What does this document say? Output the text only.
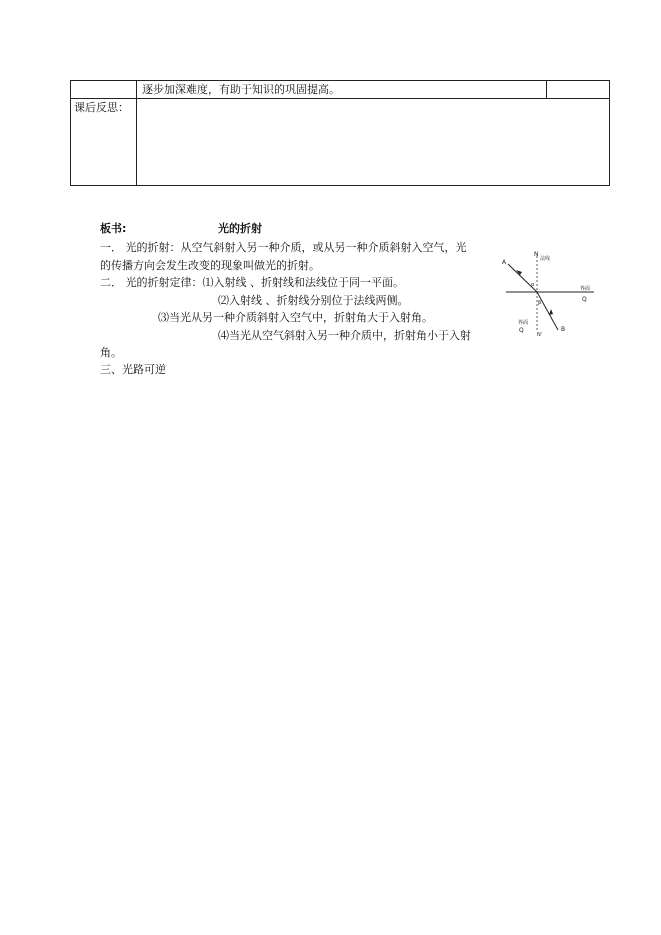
逐步加深难度，有助于知识的巩固提高。
课后反思：
板书:	光的折射
一． 光的折射：从空气斜射入另一种介质，或从另一种介质斜射入空气，光
的传播方向会发生改变的现象叫做光的折射。
二． 光的折射定律：⑴入射线 、折射线和法线位于同一平面。
⑵入射线 、折射线分别位于法线两侧。
⑶当光从另一种介质斜射入空气中，折射角大于入射角。
⑷当光从空气斜射入另一种介质中，折射角小于入射
角。
三、光路可逆
A
N
法线
α
β
界面
Q
界面
Q
N'
B
